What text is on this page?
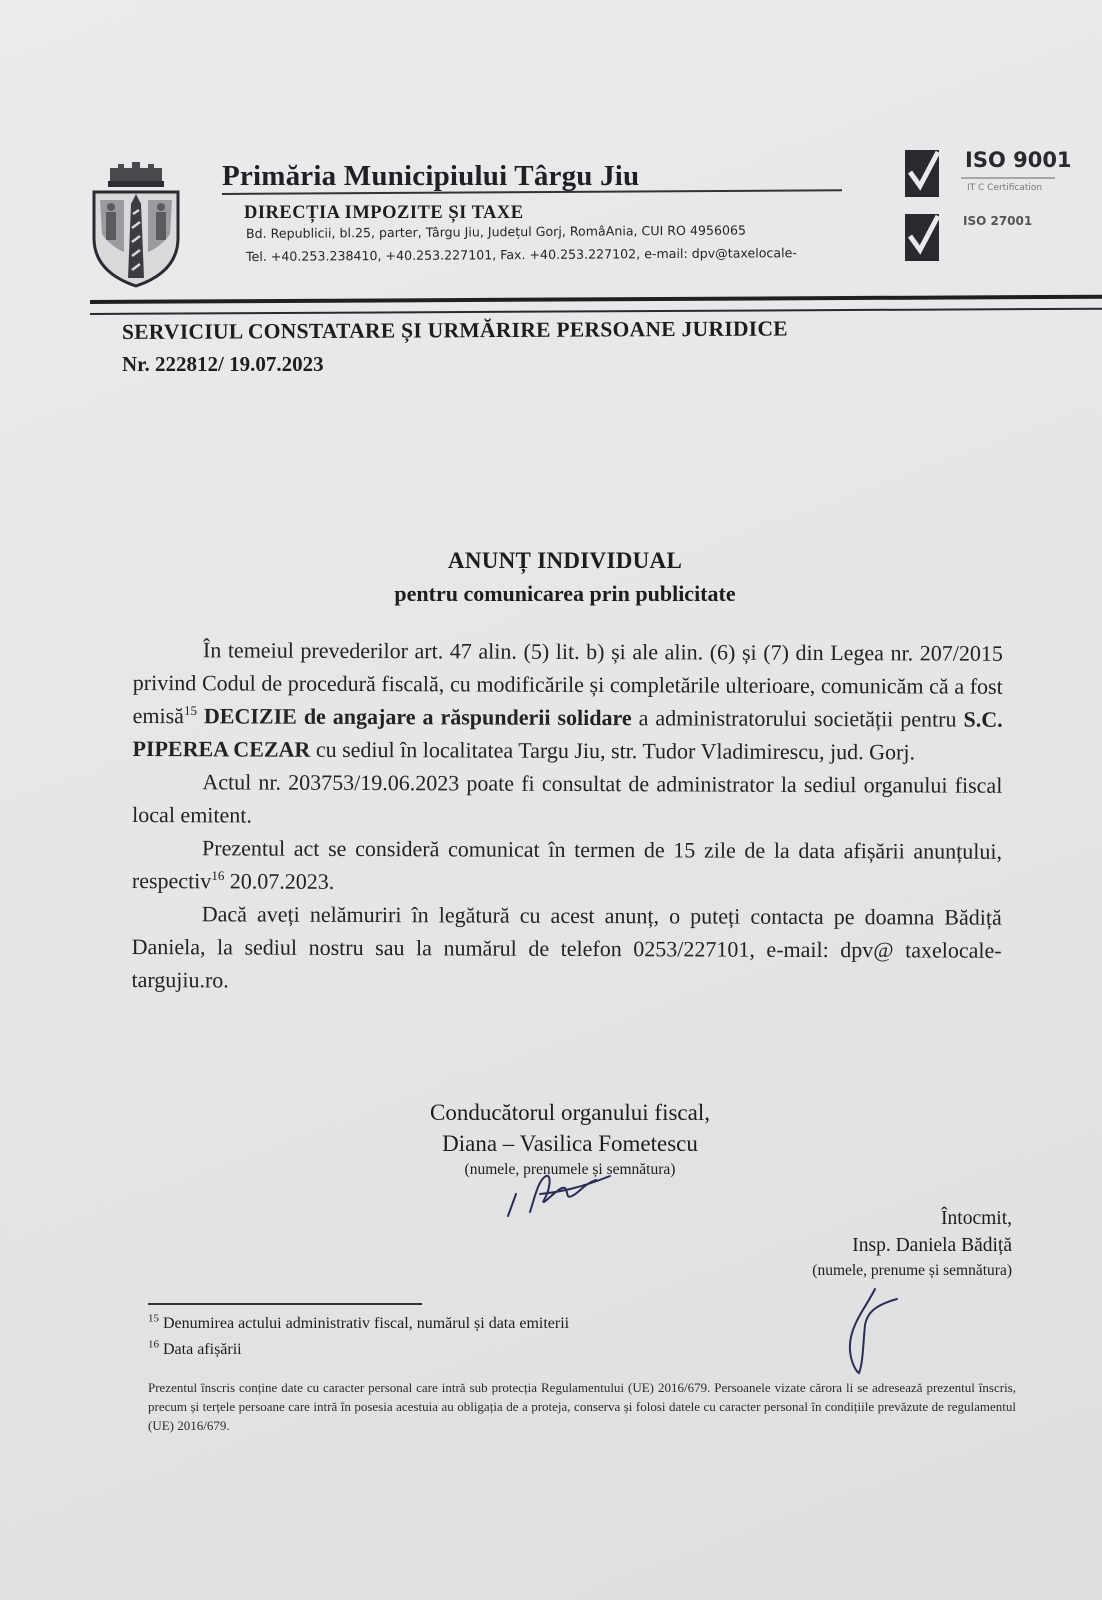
Primăria Municipiului Târgu Jiu
DIRECȚIA IMPOZITE ȘI TAXE
Bd. Republicii, bl.25, parter, Târgu Jiu, Județul Gorj, RomâAnia, CUI RO 4956065
Tel. +40.253.238410, +40.253.227101, Fax. +40.253.227102, e-mail: dpv@taxelocale-
ISO 9001
IT C Certification
ISO 27001
SERVICIUL CONSTATARE ȘI URMĂRIRE PERSOANE JURIDICE
Nr. 222812/ 19.07.2023
ANUNȚ INDIVIDUAL
pentru comunicarea prin publicitate

În temeiul prevederilor art. 47 alin. (5) lit. b) și ale alin. (6) și (7) din Legea nr. 207/2015 privind Codul de procedură fiscală, cu modificările și completările ulterioare, comunicăm că a fost emisă$^{15}$ DECIZIE de angajare a răspunderii solidare a administratorului societății pentru S.C. PIPEREA CEZAR cu sediul în localitatea Targu Jiu, str. Tudor Vladimirescu, jud. Gorj.

Actul nr. 203753/19.06.2023 poate fi consultat de administrator la sediul organului fiscal local emitent.

Prezentul act se consideră comunicat în termen de 15 zile de la data afișării anunțului, respectiv$^{16}$ 20.07.2023.

Dacă aveți nelămuriri în legătură cu acest anunț, o puteți contacta pe doamna Bădiță Daniela, la sediul nostru sau la numărul de telefon 0253/227101, e-mail: dpv@ taxelocale-targujiu.ro.

Conducătorul organului fiscal,
Diana – Vasilica Fometescu
(numele, prenumele și semnătura)
Întocmit,
Insp. Daniela Bădiță
(numele, prenume și semnătura)
$^{15}$ Denumirea actului administrativ fiscal, numărul și data emiterii
$^{16}$ Data afișării
Prezentul înscris conține date cu caracter personal care intră sub protecția Regulamentului (UE) 2016/679. Persoanele vizate cărora li se adresează prezentul înscris, precum și terțele persoane care intră în posesia acestuia au obligația de a proteja, conserva și folosi datele cu caracter personal în condițiile prevăzute de regulamentul (UE) 2016/679.
